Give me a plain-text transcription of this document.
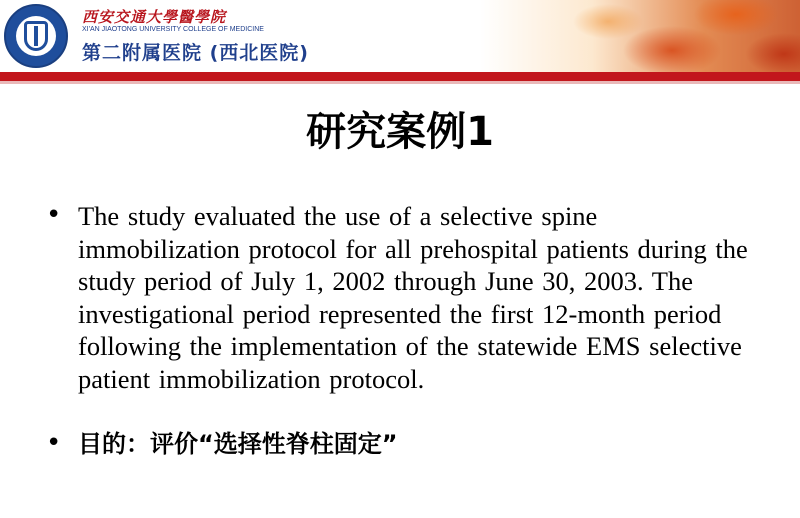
西安交通大學醫學院
XI'AN JIAOTONG UNIVERSITY COLLEGE OF MEDICINE
第二附属医院 (西北医院)
研究案例1
• The study evaluated the use of a selective spine immobilization protocol for all prehospital patients during the study period of July 1, 2002 through June 30, 2003. The investigational period represented the first 12-month period following the implementation of the statewide EMS selective patient immobilization protocol.
• 目的：评价“选择性脊柱固定”
